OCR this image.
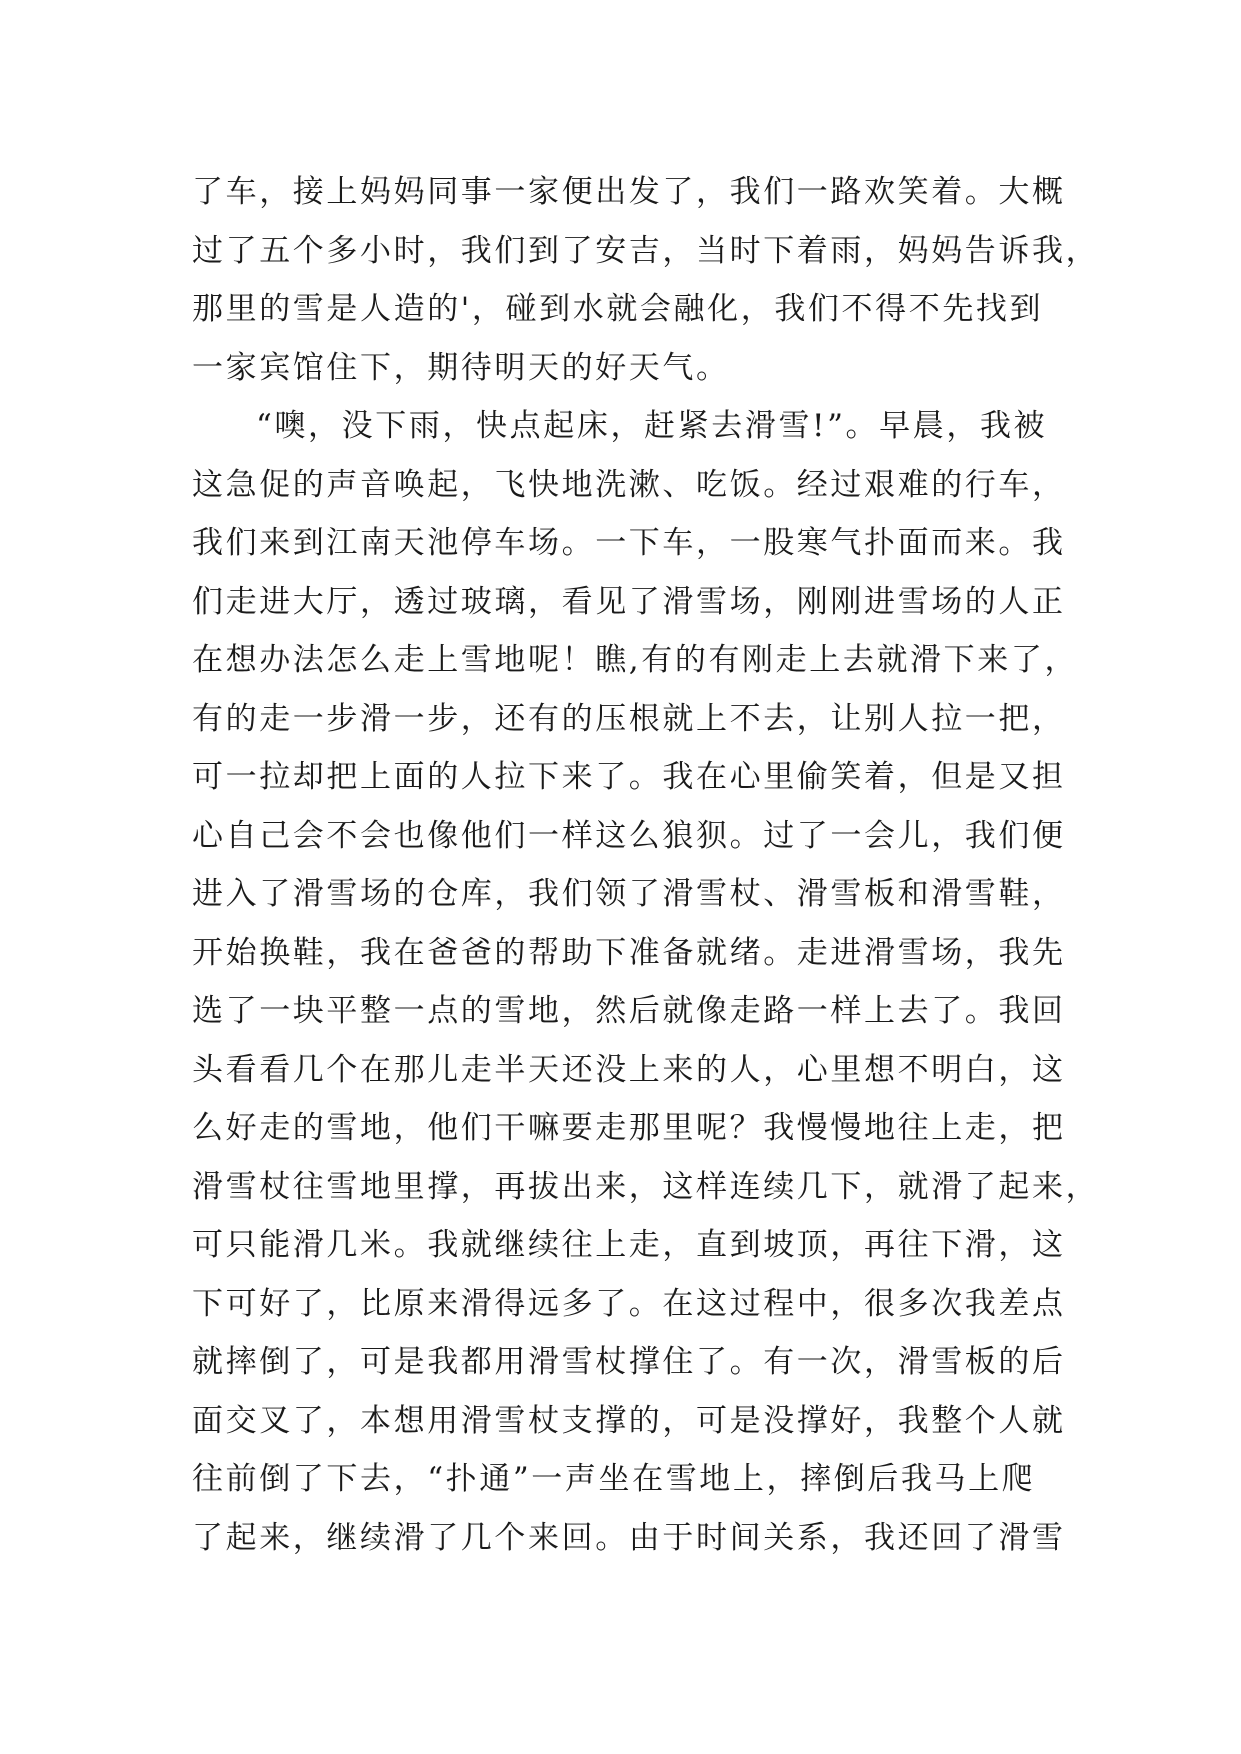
了车，接上妈妈同事一家便出发了，我们一路欢笑着。大概
过了五个多小时，我们到了安吉，当时下着雨，妈妈告诉我，
那里的雪是人造的'，碰到水就会融化，我们不得不先找到
一家宾馆住下，期待明天的好天气。
“噢，没下雨，快点起床，赶紧去滑雪!”。早晨，我被
这急促的声音唤起，飞快地洗漱、吃饭。经过艰难的行车，
我们来到江南天池停车场。一下车，一股寒气扑面而来。我
们走进大厅，透过玻璃，看见了滑雪场，刚刚进雪场的人正
在想办法怎么走上雪地呢！瞧,有的有刚走上去就滑下来了，
有的走一步滑一步，还有的压根就上不去，让别人拉一把，
可一拉却把上面的人拉下来了。我在心里偷笑着，但是又担
心自己会不会也像他们一样这么狼狈。过了一会儿，我们便
进入了滑雪场的仓库，我们领了滑雪杖、滑雪板和滑雪鞋，
开始换鞋，我在爸爸的帮助下准备就绪。走进滑雪场，我先
选了一块平整一点的雪地，然后就像走路一样上去了。我回
头看看几个在那儿走半天还没上来的人，心里想不明白，这
么好走的雪地，他们干嘛要走那里呢？我慢慢地往上走，把
滑雪杖往雪地里撑，再拔出来，这样连续几下，就滑了起来，
可只能滑几米。我就继续往上走，直到坡顶，再往下滑，这
下可好了，比原来滑得远多了。在这过程中，很多次我差点
就摔倒了，可是我都用滑雪杖撑住了。有一次，滑雪板的后
面交叉了，本想用滑雪杖支撑的，可是没撑好，我整个人就
往前倒了下去，“扑通”一声坐在雪地上，摔倒后我马上爬
了起来，继续滑了几个来回。由于时间关系，我还回了滑雪
